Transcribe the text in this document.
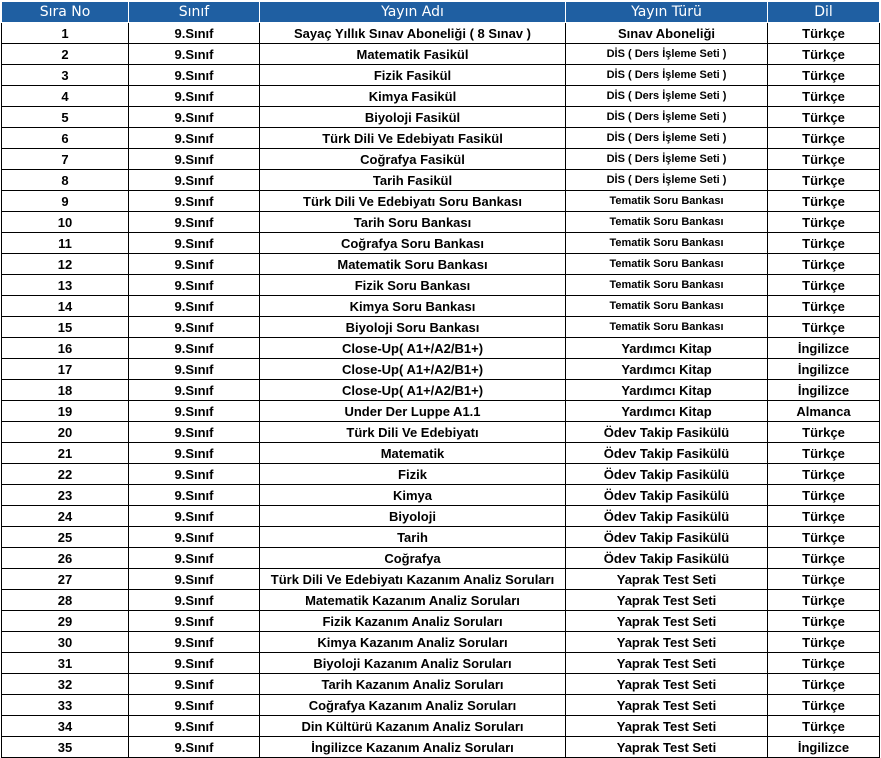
Sıra No	Sınıf	Yayın Adı	Yayın Türü	Dil
1	9.Sınıf	Sayaç Yıllık Sınav Aboneliği ( 8 Sınav )	Sınav Aboneliği	Türkçe
2	9.Sınıf	Matematik Fasikül	DİS ( Ders İşleme Seti )	Türkçe
3	9.Sınıf	Fizik Fasikül	DİS ( Ders İşleme Seti )	Türkçe
4	9.Sınıf	Kimya Fasikül	DİS ( Ders İşleme Seti )	Türkçe
5	9.Sınıf	Biyoloji Fasikül	DİS ( Ders İşleme Seti )	Türkçe
6	9.Sınıf	Türk Dili Ve Edebiyatı Fasikül	DİS ( Ders İşleme Seti )	Türkçe
7	9.Sınıf	Coğrafya Fasikül	DİS ( Ders İşleme Seti )	Türkçe
8	9.Sınıf	Tarih Fasikül	DİS ( Ders İşleme Seti )	Türkçe
9	9.Sınıf	Türk Dili Ve Edebiyatı Soru Bankası	Tematik Soru Bankası	Türkçe
10	9.Sınıf	Tarih Soru Bankası	Tematik Soru Bankası	Türkçe
11	9.Sınıf	Coğrafya Soru Bankası	Tematik Soru Bankası	Türkçe
12	9.Sınıf	Matematik Soru Bankası	Tematik Soru Bankası	Türkçe
13	9.Sınıf	Fizik Soru Bankası	Tematik Soru Bankası	Türkçe
14	9.Sınıf	Kimya Soru Bankası	Tematik Soru Bankası	Türkçe
15	9.Sınıf	Biyoloji Soru Bankası	Tematik Soru Bankası	Türkçe
16	9.Sınıf	Close-Up( A1+/A2/B1+)	Yardımcı Kitap	İngilizce
17	9.Sınıf	Close-Up( A1+/A2/B1+)	Yardımcı Kitap	İngilizce
18	9.Sınıf	Close-Up( A1+/A2/B1+)	Yardımcı Kitap	İngilizce
19	9.Sınıf	Under Der Luppe A1.1	Yardımcı Kitap	Almanca
20	9.Sınıf	Türk Dili Ve Edebiyatı	Ödev Takip Fasikülü	Türkçe
21	9.Sınıf	Matematik	Ödev Takip Fasikülü	Türkçe
22	9.Sınıf	Fizik	Ödev Takip Fasikülü	Türkçe
23	9.Sınıf	Kimya	Ödev Takip Fasikülü	Türkçe
24	9.Sınıf	Biyoloji	Ödev Takip Fasikülü	Türkçe
25	9.Sınıf	Tarih	Ödev Takip Fasikülü	Türkçe
26	9.Sınıf	Coğrafya	Ödev Takip Fasikülü	Türkçe
27	9.Sınıf	Türk Dili Ve Edebiyatı Kazanım Analiz Soruları	Yaprak Test Seti	Türkçe
28	9.Sınıf	Matematik Kazanım Analiz Soruları	Yaprak Test Seti	Türkçe
29	9.Sınıf	Fizik Kazanım Analiz Soruları	Yaprak Test Seti	Türkçe
30	9.Sınıf	Kimya Kazanım Analiz Soruları	Yaprak Test Seti	Türkçe
31	9.Sınıf	Biyoloji Kazanım Analiz Soruları	Yaprak Test Seti	Türkçe
32	9.Sınıf	Tarih Kazanım Analiz Soruları	Yaprak Test Seti	Türkçe
33	9.Sınıf	Coğrafya Kazanım Analiz Soruları	Yaprak Test Seti	Türkçe
34	9.Sınıf	Din Kültürü Kazanım Analiz Soruları	Yaprak Test Seti	Türkçe
35	9.Sınıf	İngilizce Kazanım Analiz Soruları	Yaprak Test Seti	İngilizce
